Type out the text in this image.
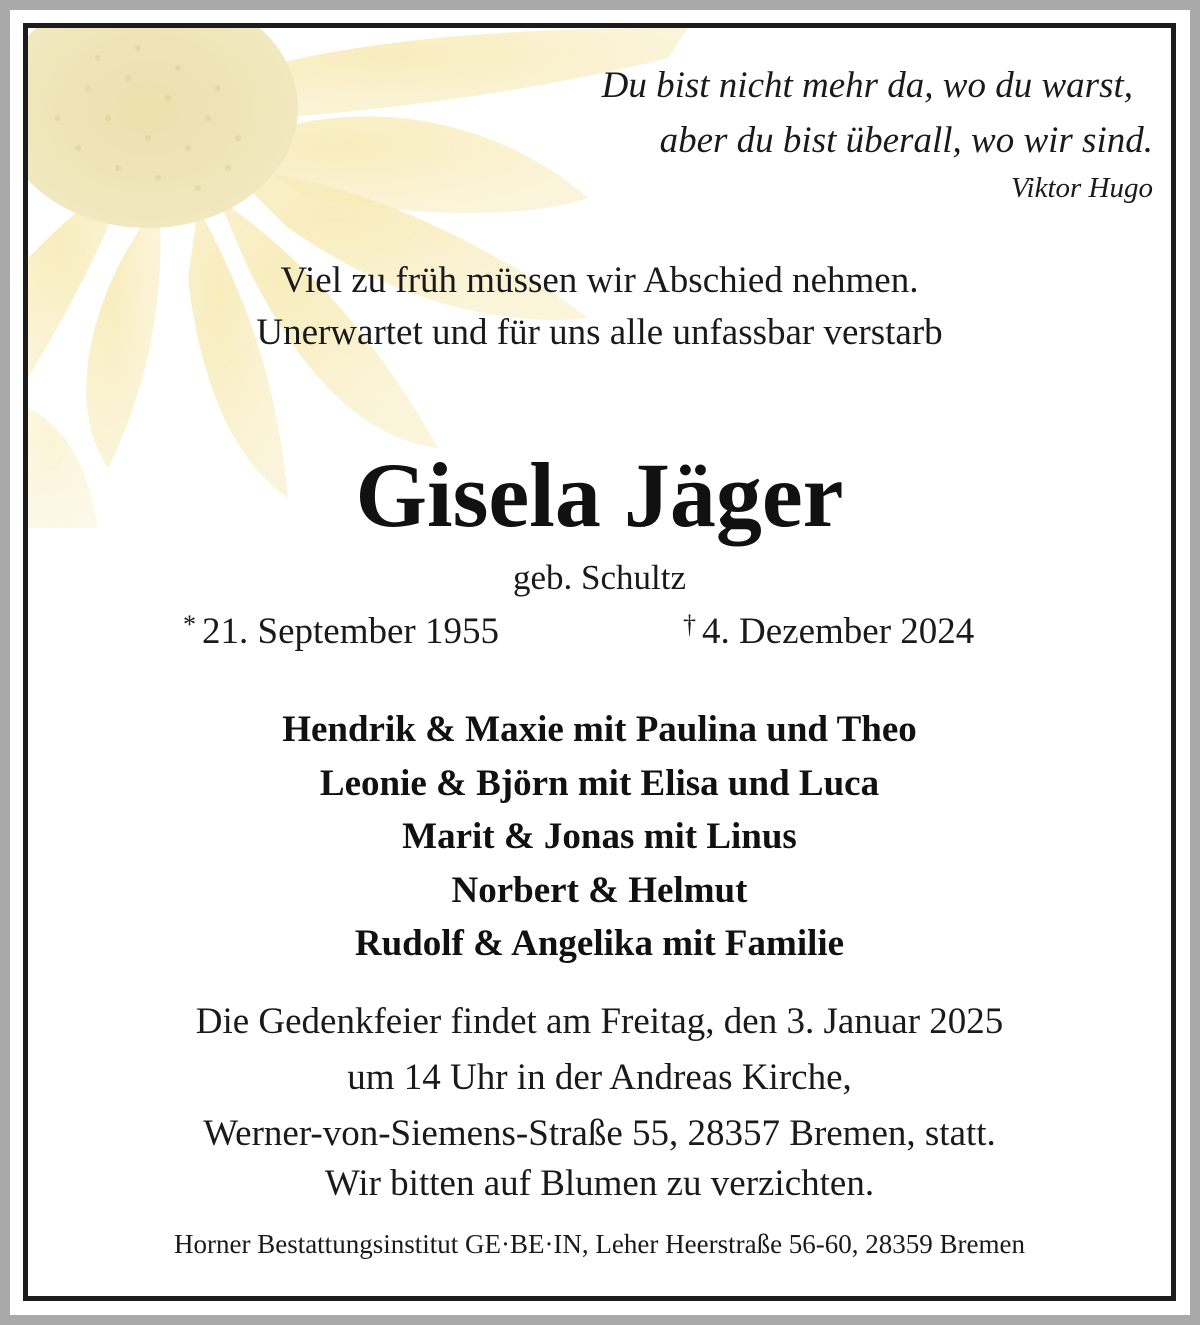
Du bist nicht mehr da, wo du warst,
aber du bist überall, wo wir sind.
Viktor Hugo
Viel zu früh müssen wir Abschied nehmen.
Unerwartet und für uns alle unfassbar verstarb
Gisela Jäger
geb. Schultz
* 21. September 1955	† 4. Dezember 2024
Hendrik & Maxie mit Paulina und Theo
Leonie & Björn mit Elisa und Luca
Marit & Jonas mit Linus
Norbert & Helmut
Rudolf & Angelika mit Familie
Die Gedenkfeier findet am Freitag, den 3. Januar 2025
um 14 Uhr in der Andreas Kirche,
Werner-von-Siemens-Straße 55, 28357 Bremen, statt.
Wir bitten auf Blumen zu verzichten.
Horner Bestattungsinstitut GE·BE·IN, Leher Heerstraße 56-60, 28359 Bremen
